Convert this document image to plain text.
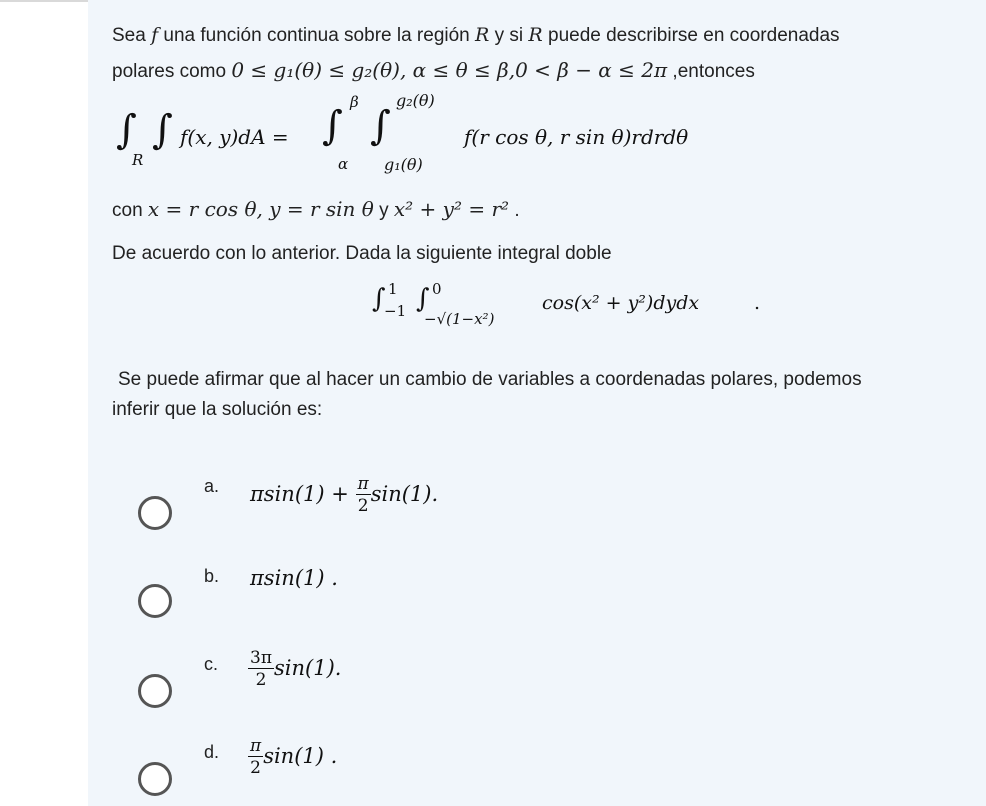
Sea f una función continua sobre la región R y si R puede describirse en coordenadas
polares como 0 ≤ g₁(θ) ≤ g₂(θ), α ≤ θ ≤ β,0 < β − α ≤ 2π ,entonces
∫
R
∫ f(x, y)dA = ∫
β
α
∫
g₂(θ)
g₁(θ)
f(r cos θ, r sin θ)rdrdθ
con x = r cos θ, y = r sin θ y x² + y² = r² .
De acuerdo con lo anterior. Dada la siguiente integral doble
∫ 1
−1 ∫ 0
−√(1−x²)
cos(x² + y²)dydx	.
Se puede afirmar que al hacer un cambio de variables a coordenadas polares, podemos
inferir que la solución es:
a. $\pi\sin(1) + \frac{\pi}{2} \sin(1)$.
b. πsin(1) .
c. $\frac{3\pi}{2} \sin(1)$.
d. $\frac{\pi}{2} \sin(1)$ .
